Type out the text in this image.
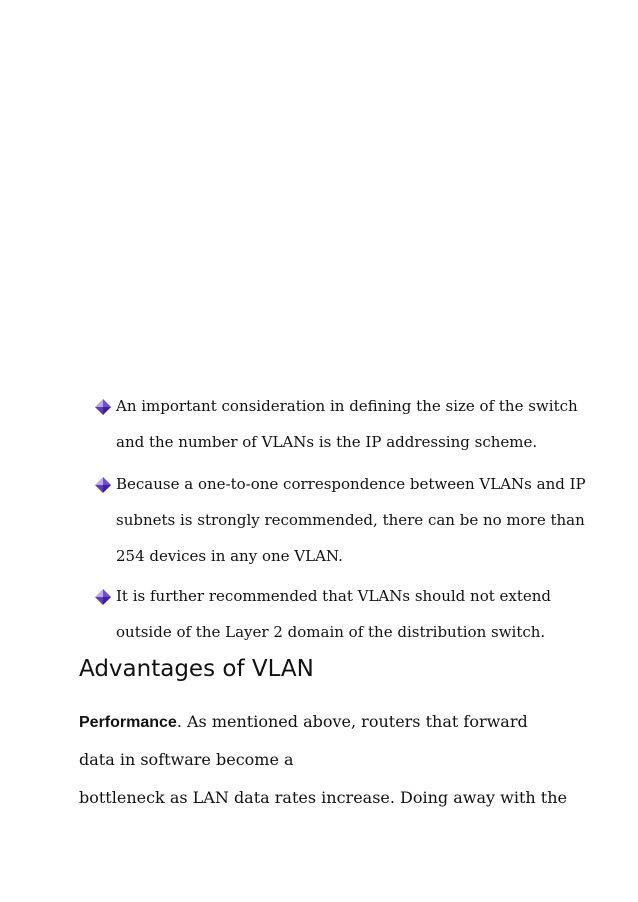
An important consideration in defining the size of the switch
and the number of VLANs is the IP addressing scheme.
Because a one-to-one correspondence between VLANs and IP
subnets is strongly recommended, there can be no more than
254 devices in any one VLAN.
It is further recommended that VLANs should not extend
outside of the Layer 2 domain of the distribution switch.
Advantages of VLAN
Performance. As mentioned above, routers that forward
data in software become a
bottleneck as LAN data rates increase. Doing away with the
